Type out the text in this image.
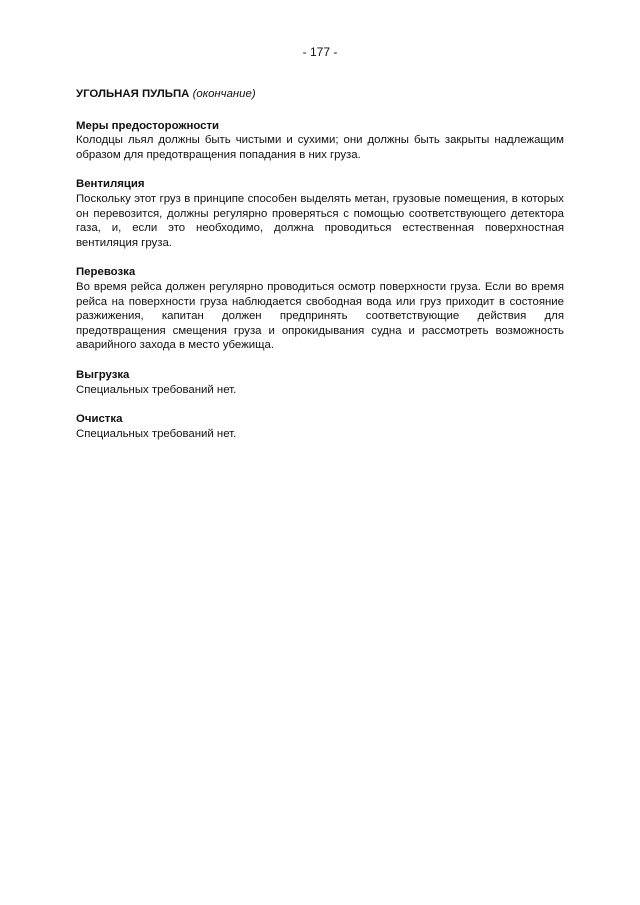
- 177 -
УГОЛЬНАЯ ПУЛЬПА (окончание)

Меры предосторожности

Колодцы льял должны быть чистыми и сухими; они должны быть закрыты надлежащим образом для предотвращения попадания в них груза.

Вентиляция

Поскольку этот груз в принципе способен выделять метан, грузовые помещения, в которых он перевозится, должны регулярно проверяться с помощью соответствующего детектора газа, и, если это необходимо, должна проводиться естественная поверхностная вентиляция груза.

Перевозка

Во время рейса должен регулярно проводиться осмотр поверхности груза. Если во время рейса на поверхности груза наблюдается свободная вода или груз приходит в состояние разжижения, капитан должен предпринять соответствующие действия для предотвращения смещения груза и опрокидывания судна и рассмотреть возможность аварийного захода в место убежища.

Выгрузка

Специальных требований нет.

Очистка

Специальных требований нет.
